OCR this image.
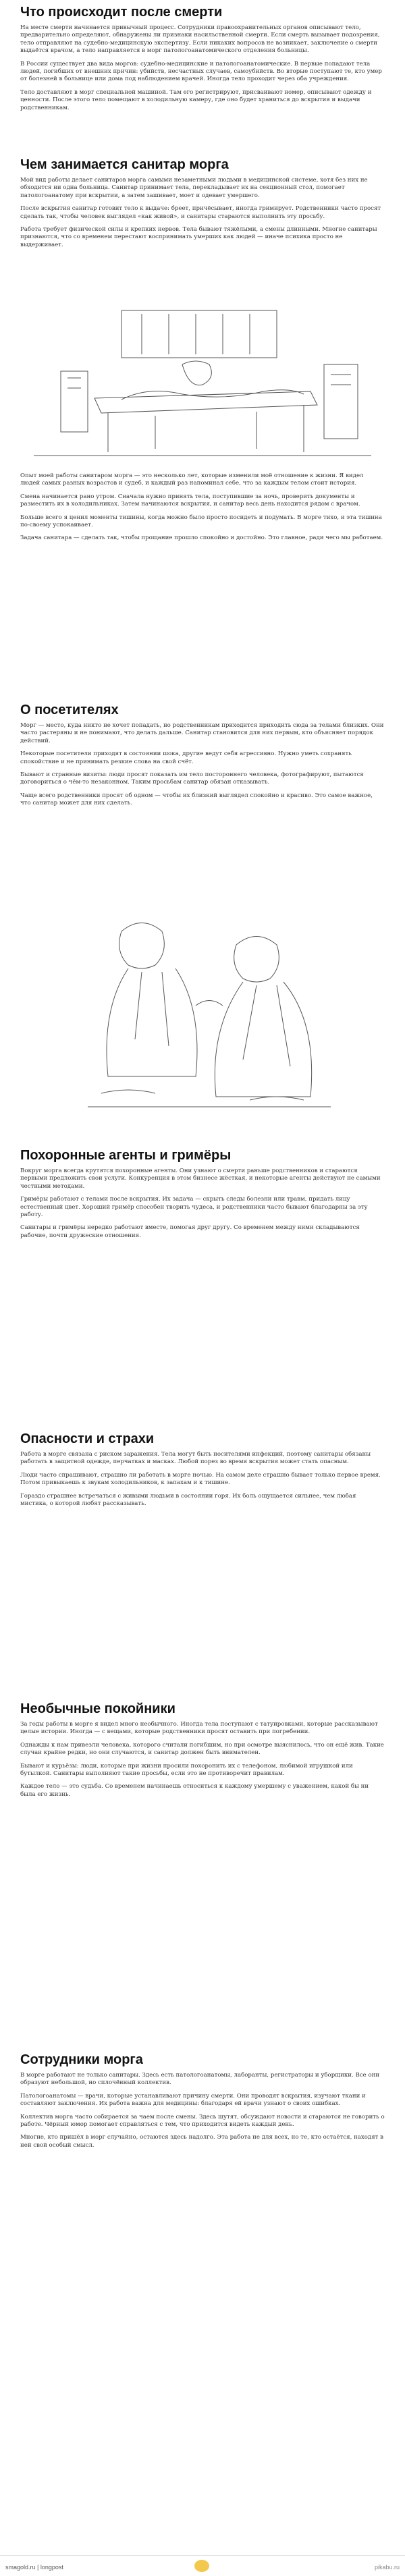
Что происходит после смерти

На месте смерти начинается привычный процесс. Сотрудники правоохранительных органов описывают тело, предварительно определяют, обнаружены ли признаки насильственной смерти. Если смерть вызывает подозрения, тело отправляют на судебно-медицинскую экспертизу. Если никаких вопросов не возникает, заключение о смерти выдаётся врачом, а тело направляется в морг патологоанатомического отделения больницы.

В России существует два вида моргов: судебно-медицинские и патологоанатомические. В первые попадают тела людей, погибших от внешних причин: убийств, несчастных случаев, самоубийств. Во вторые поступают те, кто умер от болезней в больнице или дома под наблюдением врачей. Иногда тело проходит через оба учреждения.

Тело доставляют в морг специальной машиной. Там его регистрируют, присваивают номер, описывают одежду и ценности. После этого тело помещают в холодильную камеру, где оно будет храниться до вскрытия и выдачи родственникам.

Чем занимается санитар морга

Мой вид работы делает санитаров морга самыми незаметными людьми в медицинской системе, хотя без них не обходится ни одна больница. Санитар принимает тела, перекладывает их на секционный стол, помогает патологоанатому при вскрытии, а затем зашивает, моет и одевает умершего.

После вскрытия санитар готовит тело к выдаче: бреет, причёсывает, иногда гримирует. Родственники часто просят сделать так, чтобы человек выглядел «как живой», и санитары стараются выполнить эту просьбу.

Работа требует физической силы и крепких нервов. Тела бывают тяжёлыми, а смены длинными. Многие санитары признаются, что со временем перестают воспринимать умерших как людей — иначе психика просто не выдерживает.

Опыт моей работы санитаром морга — это несколько лет, которые изменили моё отношение к жизни. Я видел людей самых разных возрастов и судеб, и каждый раз напоминал себе, что за каждым телом стоит история.

Смена начинается рано утром. Сначала нужно принять тела, поступившие за ночь, проверить документы и разместить их в холодильниках. Затем начинаются вскрытия, и санитар весь день находится рядом с врачом.

Больше всего я ценил моменты тишины, когда можно было просто посидеть и подумать. В морге тихо, и эта тишина по-своему успокаивает.

Задача санитара — сделать так, чтобы прощание прошло спокойно и достойно. Это главное, ради чего мы работаем.

О посетителях

Морг — место, куда никто не хочет попадать, но родственникам приходится приходить сюда за телами близких. Они часто растеряны и не понимают, что делать дальше. Санитар становится для них первым, кто объясняет порядок действий.

Некоторые посетители приходят в состоянии шока, другие ведут себя агрессивно. Нужно уметь сохранять спокойствие и не принимать резкие слова на свой счёт.

Бывают и странные визиты: люди просят показать им тело постороннего человека, фотографируют, пытаются договориться о чём-то незаконном. Таким просьбам санитар обязан отказывать.

Чаще всего родственники просят об одном — чтобы их близкий выглядел спокойно и красиво. Это самое важное, что санитар может для них сделать.

Похоронные агенты и гримёры

Вокруг морга всегда крутятся похоронные агенты. Они узнают о смерти раньше родственников и стараются первыми предложить свои услуги. Конкуренция в этом бизнесе жёсткая, и некоторые агенты действуют не самыми честными методами.

Гримёры работают с телами после вскрытия. Их задача — скрыть следы болезни или травм, придать лицу естественный цвет. Хороший гримёр способен творить чудеса, и родственники часто бывают благодарны за эту работу.

Санитары и гримёры нередко работают вместе, помогая друг другу. Со временем между ними складываются рабочие, почти дружеские отношения.

Опасности и страхи

Работа в морге связана с риском заражения. Тела могут быть носителями инфекций, поэтому санитары обязаны работать в защитной одежде, перчатках и масках. Любой порез во время вскрытия может стать опасным.

Люди часто спрашивают, страшно ли работать в морге ночью. На самом деле страшно бывает только первое время. Потом привыкаешь к звукам холодильников, к запахам и к тишине.

Гораздо страшнее встречаться с живыми людьми в состоянии горя. Их боль ощущается сильнее, чем любая мистика, о которой любят рассказывать.

Необычные покойники

За годы работы в морге я видел много необычного. Иногда тела поступают с татуировками, которые рассказывают целые истории. Иногда — с вещами, которые родственники просят оставить при погребении.

Однажды к нам привезли человека, которого считали погибшим, но при осмотре выяснилось, что он ещё жив. Такие случаи крайне редки, но они случаются, и санитар должен быть внимателен.

Бывают и курьёзы: люди, которые при жизни просили похоронить их с телефоном, любимой игрушкой или бутылкой. Санитары выполняют такие просьбы, если это не противоречит правилам.

Каждое тело — это судьба. Со временем начинаешь относиться к каждому умершему с уважением, какой бы ни была его жизнь.

Сотрудники морга

В морге работают не только санитары. Здесь есть патологоанатомы, лаборанты, регистраторы и уборщики. Все они образуют небольшой, но сплочённый коллектив.

Патологоанатомы — врачи, которые устанавливают причину смерти. Они проводят вскрытия, изучают ткани и составляют заключения. Их работа важна для медицины: благодаря ей врачи узнают о своих ошибках.

Коллектив морга часто собирается за чаем после смены. Здесь шутят, обсуждают новости и стараются не говорить о работе. Чёрный юмор помогает справляться с тем, что приходится видеть каждый день.

Многие, кто пришёл в морг случайно, остаются здесь надолго. Эта работа не для всех, но те, кто остаётся, находят в ней свой особый смысл.

smagold.ru | longpost	pikabu.ru
